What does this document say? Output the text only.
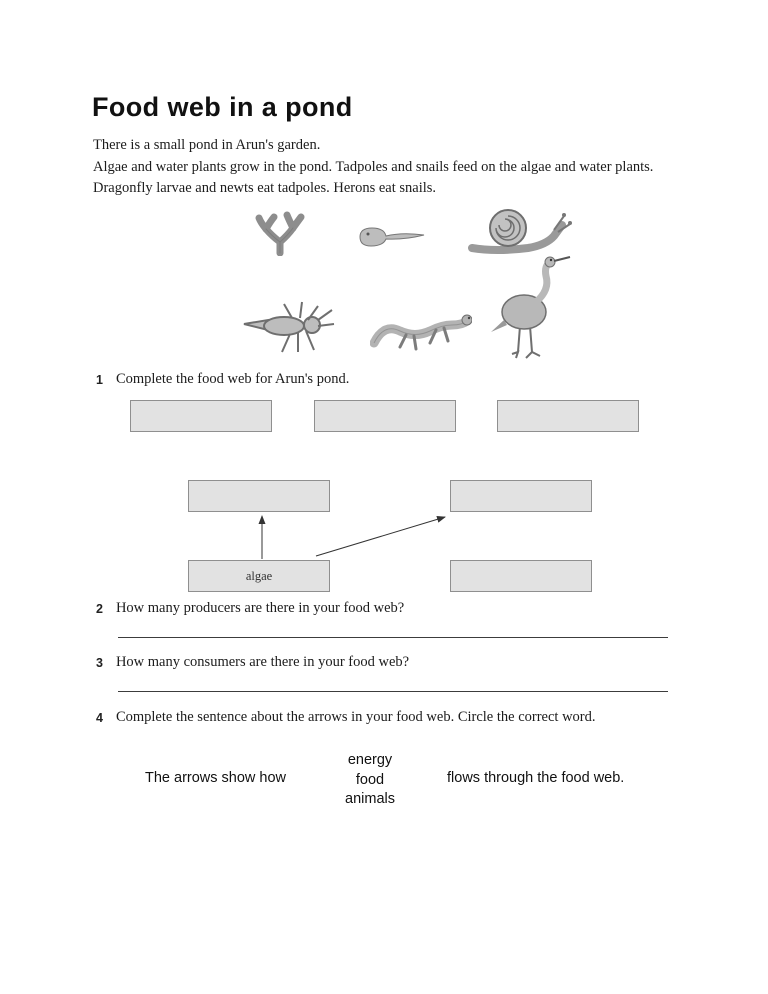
Food web in a pond
There is a small pond in Arun's garden.
Algae and water plants grow in the pond. Tadpoles and snails feed on the algae and water plants.
Dragonfly larvae and newts eat tadpoles. Herons eat snails.
1 Complete the food web for Arun's pond.
algae
2 How many producers are there in your food web?
3 How many consumers are there in your food web?
4 Complete the sentence about the arrows in your food web. Circle the correct word.
The arrows show how
energy
food
animals
flows through the food web.
